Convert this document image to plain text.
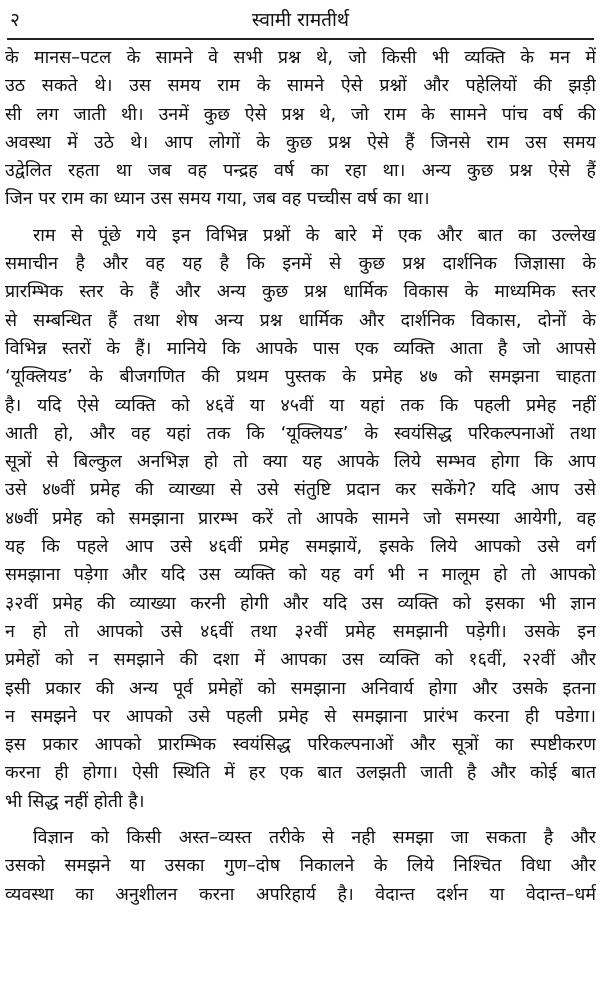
२	स्वामी रामतीर्थ

के मानस–पटल के सामने वे सभी प्रश्न थे, जो किसी भी व्यक्ति के मन में
उठ सकते थे। उस समय राम के सामने ऐसे प्रश्नों और पहेलियों की झड़ी
सी लग जाती थी। उनमें कुछ ऐसे प्रश्न थे, जो राम के सामने पांच वर्ष की
अवस्था में उठे थे। आप लोगों के कुछ प्रश्न ऐसे हैं जिनसे राम उस समय
उद्वेलित रहता था जब वह पन्द्रह वर्ष का रहा था। अन्य कुछ प्रश्न ऐसे हैं
जिन पर राम का ध्यान उस समय गया, जब वह पच्चीस वर्ष का था।

राम से पूंछे गये इन विभिन्न प्रश्नों के बारे में एक और बात का उल्लेख
समाचीन है और वह यह है कि इनमें से कुछ प्रश्न दार्शनिक जिज्ञासा के
प्रारम्भिक स्तर के हैं और अन्य कुछ प्रश्न धार्मिक विकास के माध्यमिक स्तर
से सम्बन्धित हैं तथा शेष अन्य प्रश्न धार्मिक और दार्शनिक विकास, दोनों के
विभिन्न स्तरों के हैं। मानिये कि आपके पास एक व्यक्ति आता है जो आपसे
‘यूक्लियड’ के बीजगणित की प्रथम पुस्तक के प्रमेह ४७ को समझना चाहता
है। यदि ऐसे व्यक्ति को ४६वें या ४५वीं या यहां तक कि पहली प्रमेह नहीं
आती हो, और वह यहां तक कि ‘यूक्लियड’ के स्वयंसिद्ध परिकल्पनाओं तथा
सूत्रों से बिल्कुल अनभिज्ञ हो तो क्या यह आपके लिये सम्भव होगा कि आप
उसे ४७वीं प्रमेह की व्याख्या से उसे संतुष्टि प्रदान कर सकेंगे? यदि आप उसे
४७वीं प्रमेह को समझाना प्रारम्भ करें तो आपके सामने जो समस्या आयेगी, वह
यह कि पहले आप उसे ४६वीं प्रमेह समझायें, इसके लिये आपको उसे वर्ग
समझाना पड़ेगा और यदि उस व्यक्ति को यह वर्ग भी न मालूम हो तो आपको
३२वीं प्रमेह की व्याख्या करनी होगी और यदि उस व्यक्ति को इसका भी ज्ञान
न हो तो आपको उसे ४६वीं तथा ३२वीं प्रमेह समझानी पड़ेगी। उसके इन
प्रमेहों को न समझाने की दशा में आपका उस व्यक्ति को १६वीं, २२वीं और
इसी प्रकार की अन्य पूर्व प्रमेहों को समझाना अनिवार्य होगा और उसके इतना
न समझने पर आपको उसे पहली प्रमेह से समझाना प्रारंभ करना ही पडेगा।
इस प्रकार आपको प्रारम्भिक स्वयंसिद्ध परिकल्पनाओं और सूत्रों का स्पष्टीकरण
करना ही होगा। ऐसी स्थिति में हर एक बात उलझती जाती है और कोई बात
भी सिद्ध नहीं होती है।

विज्ञान को किसी अस्त–व्यस्त तरीके से नही समझा जा सकता है और
उसको समझने या उसका गुण–दोष निकालने के लिये निश्चित विधा और
व्यवस्था का अनुशीलन करना अपरिहार्य है। वेदान्त दर्शन या वेदान्त–धर्म
